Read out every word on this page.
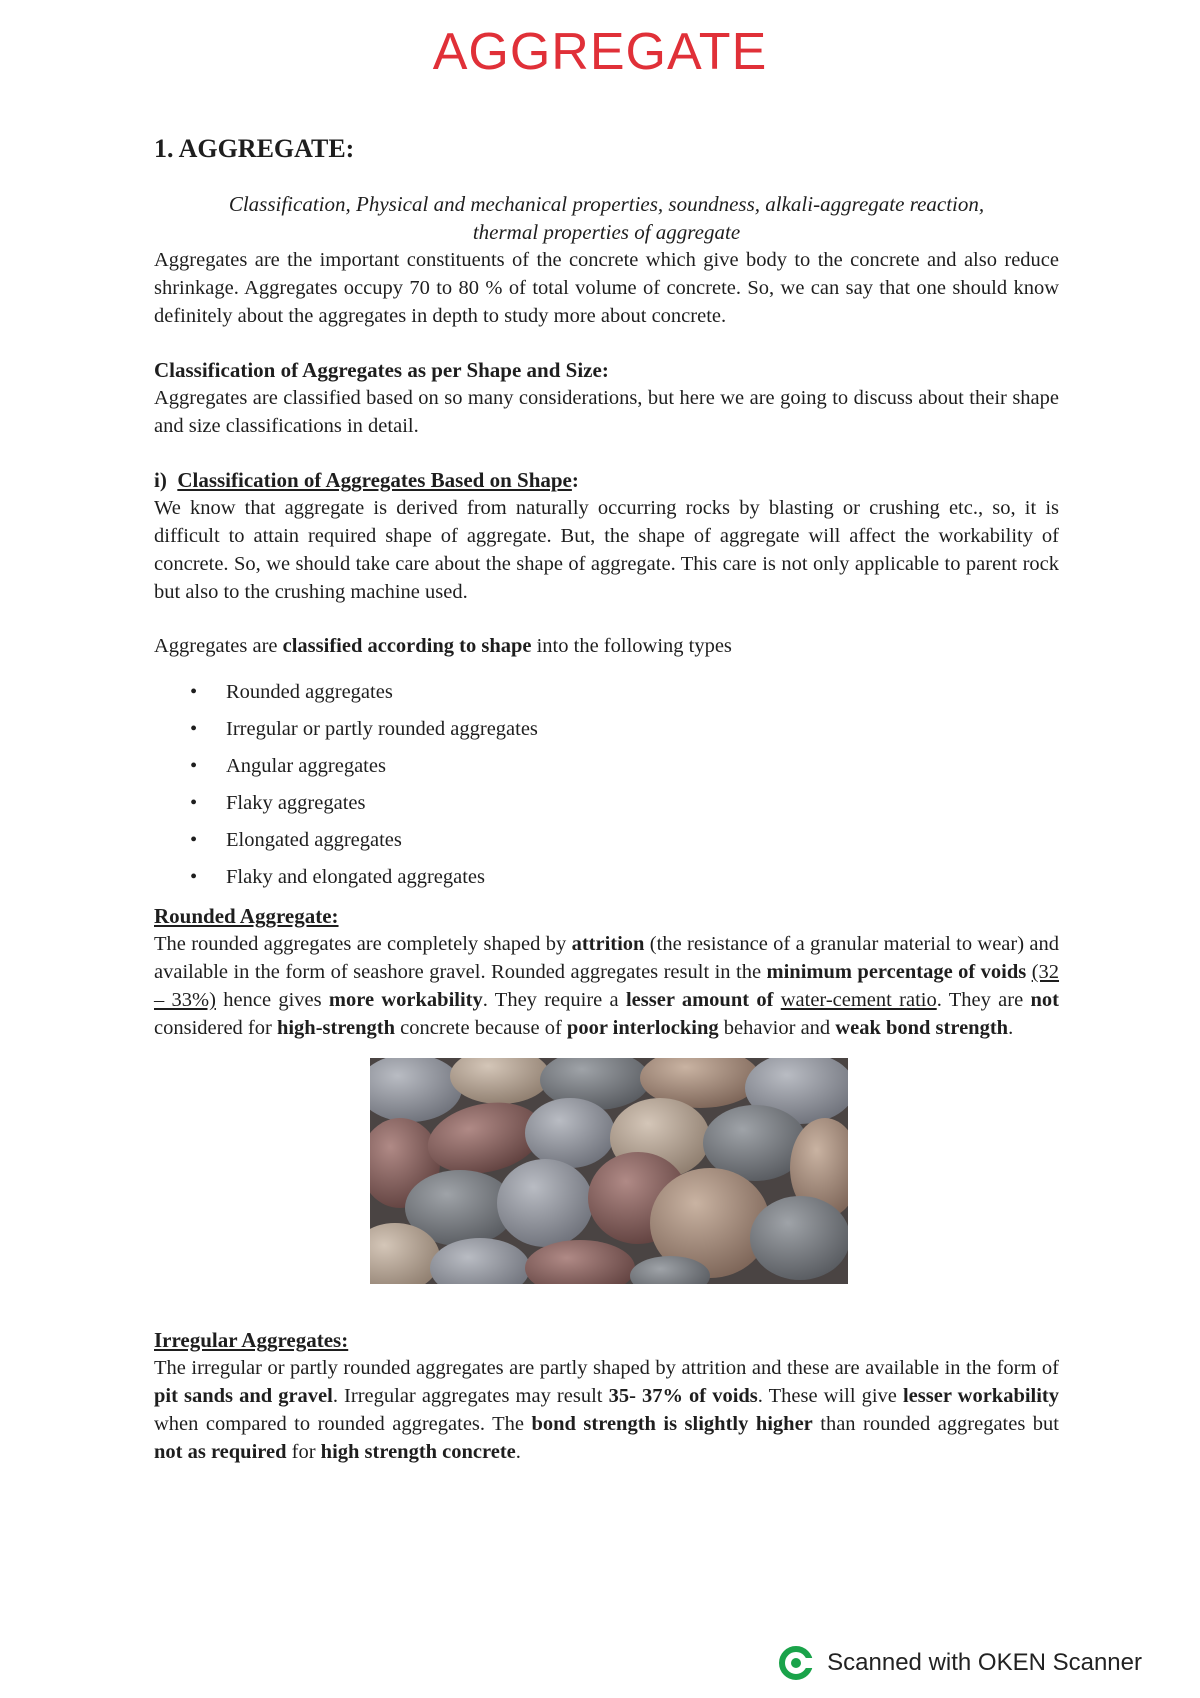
AGGREGATE
1. AGGREGATE:
Classification, Physical and mechanical properties, soundness, alkali-aggregate reaction,
thermal properties of aggregate

Aggregates are the important constituents of the concrete which give body to the concrete and also reduce shrinkage. Aggregates occupy 70 to 80 % of total volume of concrete. So, we can say that one should know definitely about the aggregates in depth to study more about concrete.

Classification of Aggregates as per Shape and Size:

Aggregates are classified based on so many considerations, but here we are going to discuss about their shape and size classifications in detail.

i) Classification of Aggregates Based on Shape:

We know that aggregate is derived from naturally occurring rocks by blasting or crushing etc., so, it is difficult to attain required shape of aggregate. But, the shape of aggregate will affect the workability of concrete. So, we should take care about the shape of aggregate. This care is not only applicable to parent rock but also to the crushing machine used.

Aggregates are classified according to shape into the following types

• Rounded aggregates
• Irregular or partly rounded aggregates
• Angular aggregates
• Flaky aggregates
• Elongated aggregates
• Flaky and elongated aggregates
Rounded Aggregate:

The rounded aggregates are completely shaped by attrition (the resistance of a granular material to wear) and available in the form of seashore gravel. Rounded aggregates result in the minimum percentage of voids (32 – 33%) hence gives more workability. They require a lesser amount of water-cement ratio. They are not considered for high-strength concrete because of poor interlocking behavior and weak bond strength.

Irregular Aggregates:

The irregular or partly rounded aggregates are partly shaped by attrition and these are available in the form of pit sands and gravel. Irregular aggregates may result 35- 37% of voids. These will give lesser workability when compared to rounded aggregates. The bond strength is slightly higher than rounded aggregates but not as required for high strength concrete.

Scanned with OKEN Scanner
